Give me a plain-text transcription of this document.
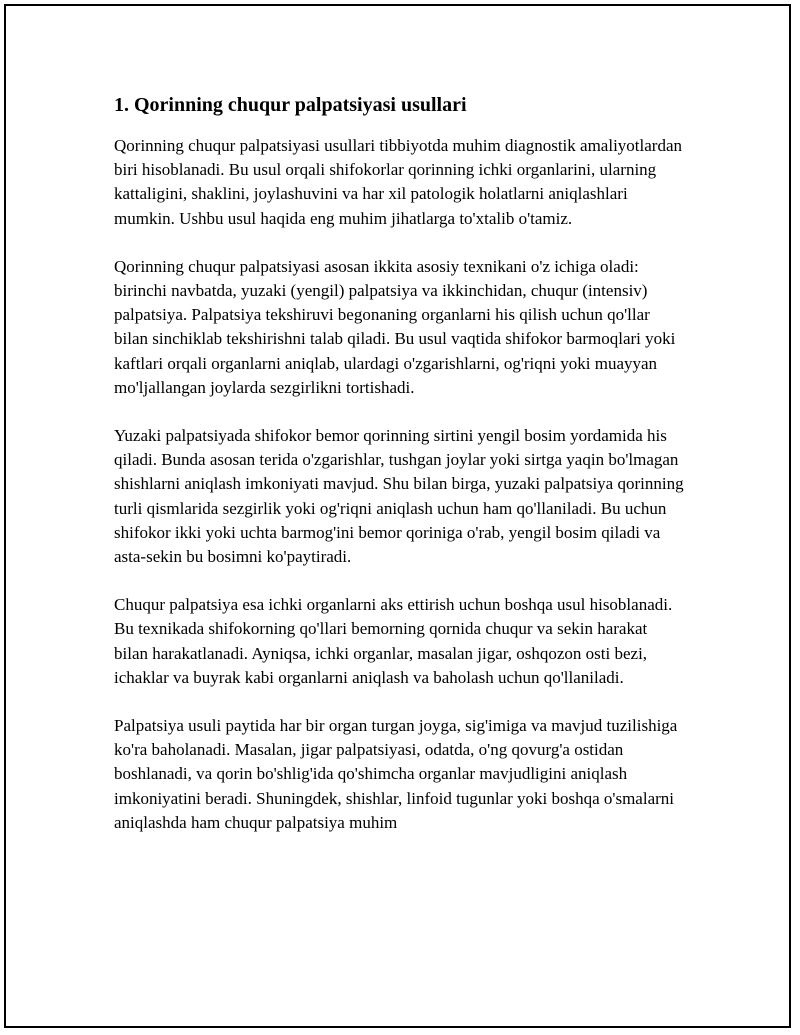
1. Qorinning chuqur palpatsiyasi usullari

Qorinning chuqur palpatsiyasi usullari tibbiyotda muhim diagnostik amaliyotlardan biri hisoblanadi. Bu usul orqali shifokorlar qorinning ichki organlarini, ularning kattaligini, shaklini, joylashuvini va har xil patologik holatlarni aniqlashlari mumkin. Ushbu usul haqida eng muhim jihatlarga to'xtalib o'tamiz.

Qorinning chuqur palpatsiyasi asosan ikkita asosiy texnikani o'z ichiga oladi: birinchi navbatda, yuzaki (yengil) palpatsiya va ikkinchidan, chuqur (intensiv) palpatsiya. Palpatsiya tekshiruvi begonaning organlarni his qilish uchun qo'llar bilan sinchiklab tekshirishni talab qiladi. Bu usul vaqtida shifokor barmoqlari yoki kaftlari orqali organlarni aniqlab, ulardagi o'zgarishlarni, og'riqni yoki muayyan mo'ljallangan joylarda sezgirlikni tortishadi.

Yuzaki palpatsiyada shifokor bemor qorinning sirtini yengil bosim yordamida his qiladi. Bunda asosan terida o'zgarishlar, tushgan joylar yoki sirtga yaqin bo'lmagan shishlarni aniqlash imkoniyati mavjud. Shu bilan birga, yuzaki palpatsiya qorinning turli qismlarida sezgirlik yoki og'riqni aniqlash uchun ham qo'llaniladi. Bu uchun shifokor ikki yoki uchta barmog'ini bemor qoriniga o'rab, yengil bosim qiladi va asta-sekin bu bosimni ko'paytiradi.

Chuqur palpatsiya esa ichki organlarni aks ettirish uchun boshqa usul hisoblanadi. Bu texnikada shifokorning qo'llari bemorning qornida chuqur va sekin harakat bilan harakatlanadi. Ayniqsa, ichki organlar, masalan jigar, oshqozon osti bezi, ichaklar va buyrak kabi organlarni aniqlash va baholash uchun qo'llaniladi.

Palpatsiya usuli paytida har bir organ turgan joyga, sig'imiga va mavjud tuzilishiga ko'ra baholanadi. Masalan, jigar palpatsiyasi, odatda, o'ng qovurg'a ostidan boshlanadi, va qorin bo'shlig'ida qo'shimcha organlar mavjudligini aniqlash imkoniyatini beradi. Shuningdek, shishlar, linfoid tugunlar yoki boshqa o'smalarni aniqlashda ham chuqur palpatsiya muhim
